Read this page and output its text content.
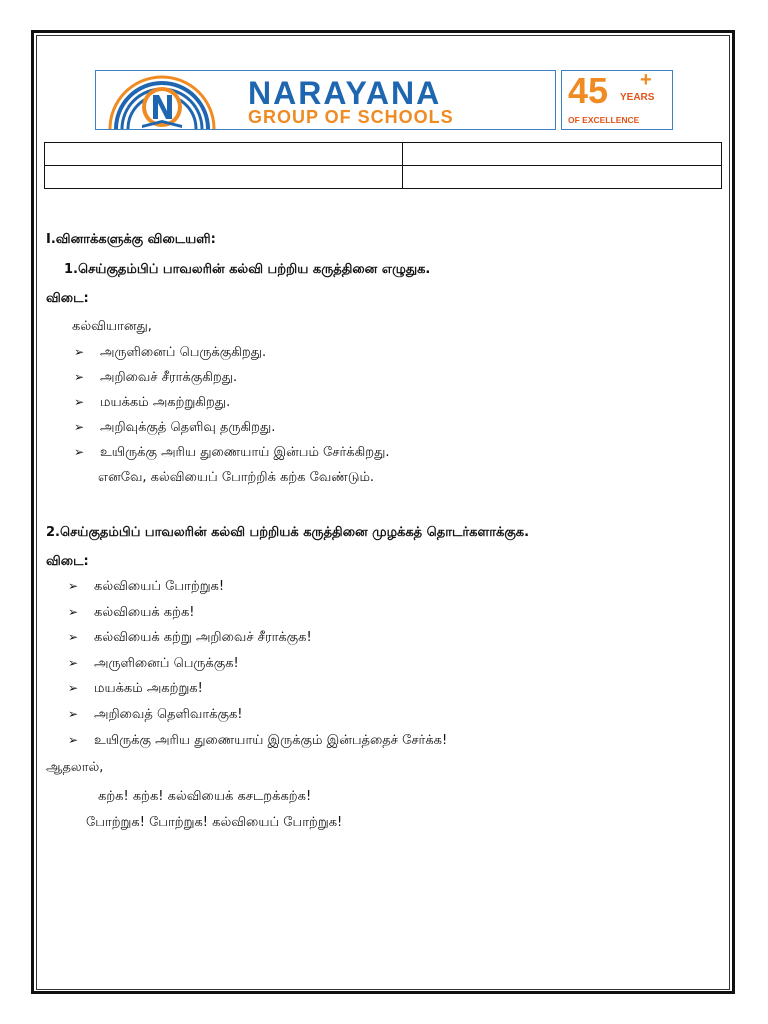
NARAYANA
GROUP OF SCHOOLS
45 +
YEARS
OF EXCELLENCE

I.வினாக்களுக்கு விடையளி:
1.செய்குதம்பிப் பாவலரின் கல்வி பற்றிய கருத்தினை எழுதுக.
விடை:
கல்வியானது,
➢ அருளினைப் பெருக்குகிறது.
➢ அறிவைச் சீராக்குகிறது.
➢ மயக்கம் அகற்றுகிறது.
➢ அறிவுக்குத் தெளிவு தருகிறது.
➢ உயிருக்கு அரிய துணையாய் இன்பம் சேர்க்கிறது.
எனவே, கல்வியைப் போற்றிக் கற்க வேண்டும்.
2.செய்குதம்பிப் பாவலரின் கல்வி பற்றியக் கருத்தினை முழக்கத் தொடர்களாக்குக.
விடை:
➢ கல்வியைப் போற்றுக!
➢ கல்வியைக் கற்க!
➢ கல்வியைக் கற்று அறிவைச் சீராக்குக!
➢ அருளினைப் பெருக்குக!
➢ மயக்கம் அகற்றுக!
➢ அறிவைத் தெளிவாக்குக!
➢ உயிருக்கு அரிய துணையாய் இருக்கும் இன்பத்தைச் சேர்க்க!
ஆதலால்,
கற்க! கற்க! கல்வியைக் கசடறக்கற்க!
போற்றுக! போற்றுக! கல்வியைப் போற்றுக!
